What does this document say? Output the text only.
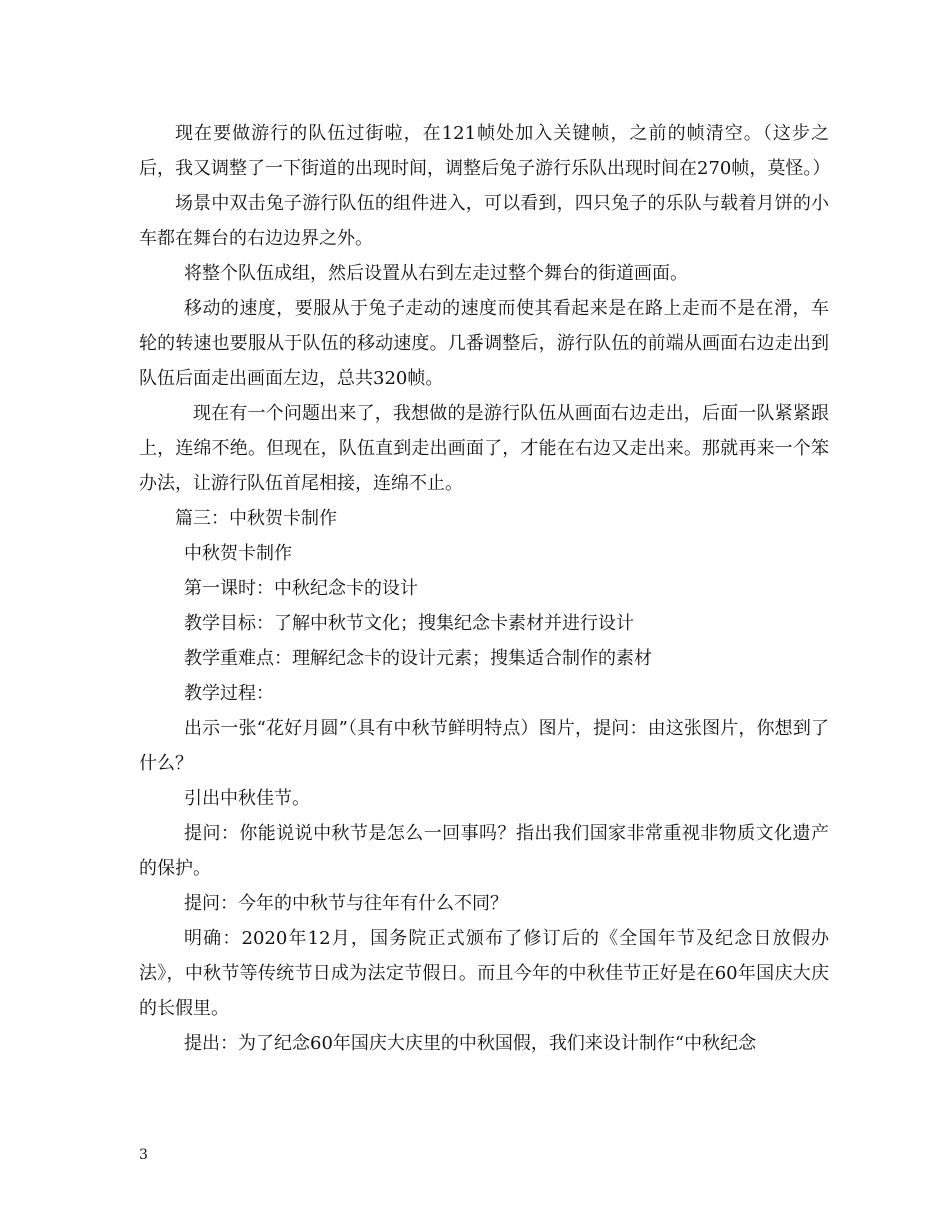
现在要做游行的队伍过街啦，在121帧处加入关键帧，之前的帧清空。（这步之后，我又调整了一下街道的出现时间，调整后兔子游行乐队出现时间在270帧，莫怪。）

场景中双击兔子游行队伍的组件进入，可以看到，四只兔子的乐队与载着月饼的小车都在舞台的右边边界之外。

将整个队伍成组，然后设置从右到左走过整个舞台的街道画面。

移动的速度，要服从于兔子走动的速度而使其看起来是在路上走而不是在滑，车轮的转速也要服从于队伍的移动速度。几番调整后，游行队伍的前端从画面右边走出到队伍后面走出画面左边，总共320帧。

现在有一个问题出来了，我想做的是游行队伍从画面右边走出，后面一队紧紧跟上，连绵不绝。但现在，队伍直到走出画面了，才能在右边又走出来。那就再来一个笨办法，让游行队伍首尾相接，连绵不止。

篇三：中秋贺卡制作

中秋贺卡制作

第一课时：中秋纪念卡的设计

教学目标：了解中秋节文化；搜集纪念卡素材并进行设计

教学重难点：理解纪念卡的设计元素；搜集适合制作的素材

教学过程：

出示一张“花好月圆”（具有中秋节鲜明特点）图片，提问：由这张图片，你想到了什么？

引出中秋佳节。

提问：你能说说中秋节是怎么一回事吗？指出我们国家非常重视非物质文化遗产的保护。

提问：今年的中秋节与往年有什么不同？

明确：2020年12月，国务院正式颁布了修订后的《全国年节及纪念日放假办法》，中秋节等传统节日成为法定节假日。而且今年的中秋佳节正好是在60年国庆大庆的长假里。

提出：为了纪念60年国庆大庆里的中秋国假，我们来设计制作“中秋纪念

3
